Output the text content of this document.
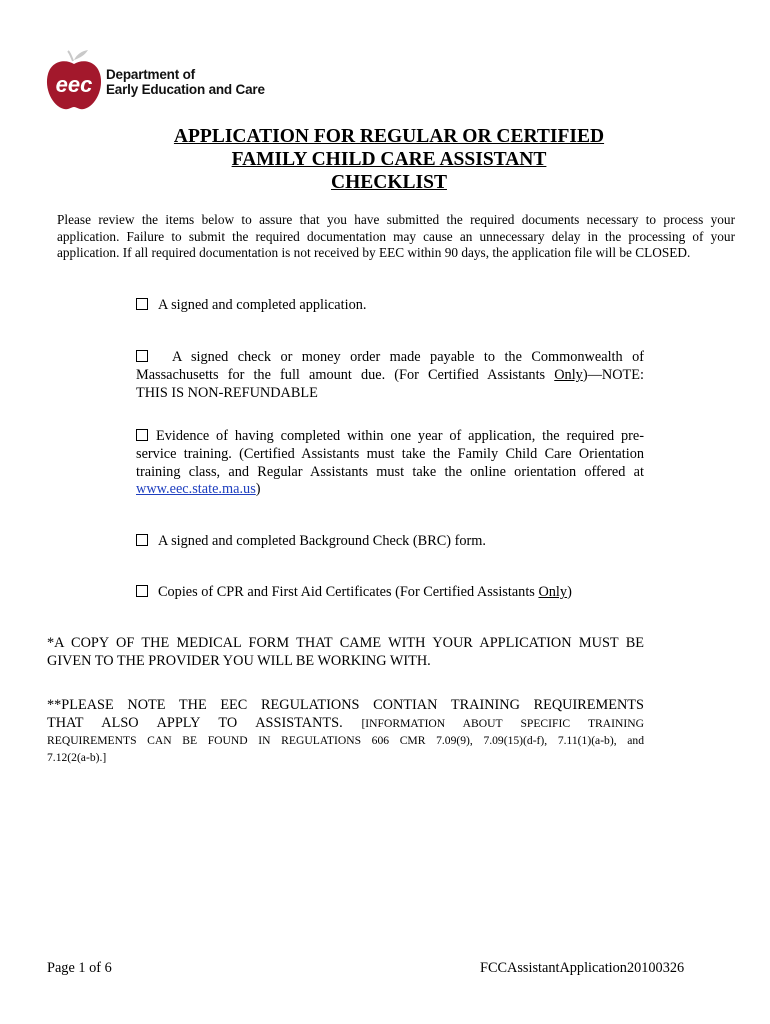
eec Department of
Early Education and Care
APPLICATION FOR REGULAR OR CERTIFIED
FAMILY CHILD CARE ASSISTANT
CHECKLIST
Please review the items below to assure that you have submitted the required documents necessary to process your
application. Failure to submit the required documentation may cause an unnecessary delay in the processing of your
application. If all required documentation is not received by EEC within 90 days, the application file will be CLOSED.
A signed and completed application.
A signed check or money order made payable to the Commonwealth of
Massachusetts for the full amount due. (For Certified Assistants Only)—NOTE:
THIS IS NON-REFUNDABLE
Evidence of having completed within one year of application, the required pre-
service training. (Certified Assistants must take the Family Child Care Orientation
training class, and Regular Assistants must take the online orientation offered at
www.eec.state.ma.us)
A signed and completed Background Check (BRC) form.
Copies of CPR and First Aid Certificates (For Certified Assistants Only)
*A COPY OF THE MEDICAL FORM THAT CAME WITH YOUR APPLICATION MUST BE
GIVEN TO THE PROVIDER YOU WILL BE WORKING WITH.
**PLEASE NOTE THE EEC REGULATIONS CONTIAN TRAINING REQUIREMENTS
THAT ALSO APPLY TO ASSISTANTS. [INFORMATION ABOUT SPECIFIC TRAINING
REQUIREMENTS CAN BE FOUND IN REGULATIONS 606 CMR 7.09(9), 7.09(15)(d-f), 7.11(1)(a-b), and
7.12(2(a-b).]
Page 1 of 6	FCCAssistantApplication20100326
